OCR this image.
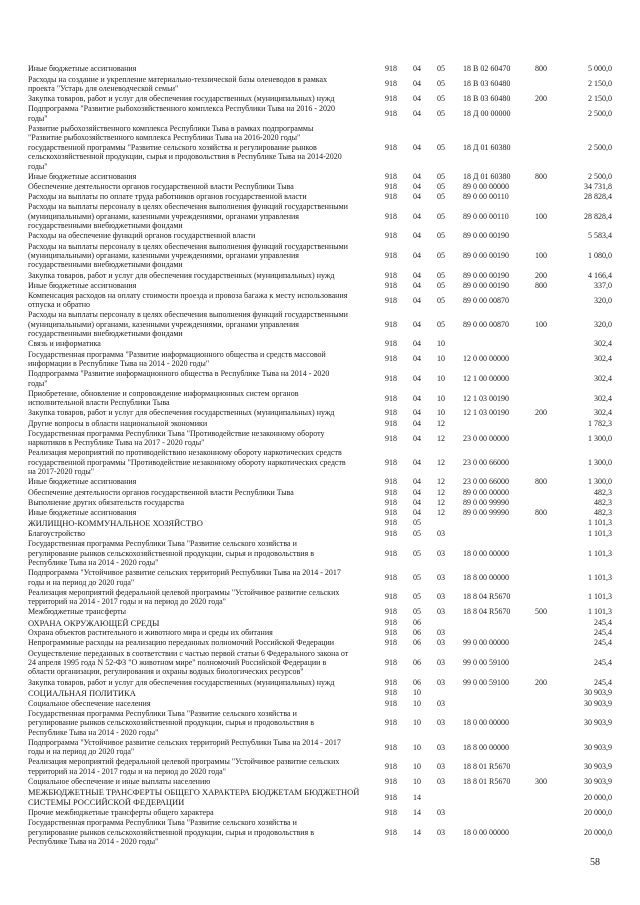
Иные бюджетные ассигнования	918	04	05	18 В 02 60470	800	5 000,0
Расходы на создание и укрепление материально-технической базы оленеводов в рамках
проекта "Устарь для оленеводческой семьи"	918	04	05	18 В 03 60480		2 150,0
Закупка товаров, работ и услуг для обеспечения государственных (муниципальных) нужд	918	04	05	18 В 03 60480	200	2 150,0
Подпрограмма "Развитие рыбохозяйственного комплекса Республики Тыва на 2016 - 2020
годы"	918	04	05	18 Д 00 00000		2 500,0
Развитие рыбохозяйственного комплекса Республики Тыва в рамках подпрограммы
"Развитие рыбохозяйственного комплекса Республики Тыва на 2016-2020 годы"
государственной программы "Развитие сельского хозяйства и регулирование рынков
сельскохозяйственной продукции, сырья и продовольствия в Республике Тыва на 2014-2020
годы"	918	04	05	18 Д 01 60380		2 500,0
Иные бюджетные ассигнования	918	04	05	18 Д 01 60380	800	2 500,0
Обеспечение деятельности органов государственной власти Республики Тыва	918	04	05	89 0 00 00000		34 731,8
Расходы на выплаты по оплате труда работников органов государственной власти	918	04	05	89 0 00 00110		28 828,4
Расходы на выплаты персоналу в целях обеспечения выполнения функций государственными
(муниципальными) органами, казенными учреждениями, органами управления
государственными внебюджетными фондами	918	04	05	89 0 00 00110	100	28 828,4
Расходы на обеспечение функций органов государственной власти	918	04	05	89 0 00 00190		5 583,4
Расходы на выплаты персоналу в целях обеспечения выполнения функций государственными
(муниципальными) органами, казенными учреждениями, органами управления
государственными внебюджетными фондами	918	04	05	89 0 00 00190	100	1 080,0
Закупка товаров, работ и услуг для обеспечения государственных (муниципальных) нужд	918	04	05	89 0 00 00190	200	4 166,4
Иные бюджетные ассигнования	918	04	05	89 0 00 00190	800	337,0
Компенсация расходов на оплату стоимости проезда и провоза багажа к месту использования
отпуска и обратно	918	04	05	89 0 00 00870		320,0
Расходы на выплаты персоналу в целях обеспечения выполнения функций государственными
(муниципальными) органами, казенными учреждениями, органами управления
государственными внебюджетными фондами	918	04	05	89 0 00 00870	100	320,0
Связь и информатика	918	04	10			302,4
Государственная программа "Развитие информационного общества и средств массовой
информации в Республике Тыва на 2014 - 2020 годы"	918	04	10	12 0 00 00000		302,4
Подпрограмма "Развитие информационного общества в Республике Тыва на 2014 - 2020
годы"	918	04	10	12 1 00 00000		302,4
Приобретение, обновление и сопровождение информационных систем органов
исполнительной власти Республики Тыва	918	04	10	12 1 03 00190		302,4
Закупка товаров, работ и услуг для обеспечения государственных (муниципальных) нужд	918	04	10	12 1 03 00190	200	302,4
Другие вопросы в области национальной экономики	918	04	12			1 782,3
Государственная программа Республики Тыва "Противодействие незаконному обороту
наркотиков в Республике Тыва на 2017 - 2020 годы"	918	04	12	23 0 00 00000		1 300,0
Реализация мероприятий по противодействию незаконному обороту наркотических средств
государственной программы "Противодействие незаконному обороту наркотических средств
на 2017-2020 годы"	918	04	12	23 0 00 66000		1 300,0
Иные бюджетные ассигнования	918	04	12	23 0 00 66000	800	1 300,0
Обеспечение деятельности органов государственной власти Республики Тыва	918	04	12	89 0 00 00000		482,3
Выполнение других обязательств государства	918	04	12	89 0 00 99990		482,3
Иные бюджетные ассигнования	918	04	12	89 0 00 99990	800	482,3
ЖИЛИЩНО-КОММУНАЛЬНОЕ ХОЗЯЙСТВО	918	05				1 101,3
Благоустройство	918	05	03			1 101,3
Государственная программа Республики Тыва "Развитие сельского хозяйства и
регулирование рынков сельскохозяйственной продукции, сырья и продовольствия в
Республике Тыва на 2014 - 2020 годы"	918	05	03	18 0 00 00000		1 101,3
Подпрограмма "Устойчивое развитие сельских территорий Республики Тыва на 2014 - 2017
годы и на период до 2020 года"	918	05	03	18 8 00 00000		1 101,3
Реализация мероприятий федеральной целевой программы "Устойчивое развитие сельских
территорий на 2014 - 2017 годы и на период до 2020 года"	918	05	03	18 8 04 R5670		1 101,3
Межбюджетные трансферты	918	05	03	18 8 04 R5670	500	1 101,3
ОХРАНА ОКРУЖАЮЩЕЙ СРЕДЫ	918	06				245,4
Охрана объектов растительного и животного мира и среды их обитания	918	06	03			245,4
Непрограммные расходы на реализацию переданных полномочий Российской Федерации	918	06	03	99 0 00 00000		245,4
Осуществление переданных в соответствии с частью первой статьи 6 Федерального закона от
24 апреля 1995 года N 52-ФЗ "О животном мире" полномочий Российской Федерации в
области организации, регулирования и охраны водных биологических ресурсов"	918	06	03	99 0 00 59100		245,4
Закупка товаров, работ и услуг для обеспечения государственных (муниципальных) нужд	918	06	03	99 0 00 59100	200	245,4
СОЦИАЛЬНАЯ ПОЛИТИКА	918	10				30 903,9
Социальное обеспечение населения	918	10	03			30 903,9
Государственная программа Республики Тыва "Развитие сельского хозяйства и
регулирование рынков сельскохозяйственной продукции, сырья и продовольствия в
Республике Тыва на 2014 - 2020 годы"	918	10	03	18 0 00 00000		30 903,9
Подпрограмма "Устойчивое развитие сельских территорий Республики Тыва на 2014 - 2017
годы и на период до 2020 года"	918	10	03	18 8 00 00000		30 903,9
Реализация мероприятий федеральной целевой программы "Устойчивое развитие сельских
территорий на 2014 - 2017 годы и на период до 2020 года"	918	10	03	18 8 01 R5670		30 903,9
Социальное обеспечение и иные выплаты населению	918	10	03	18 8 01 R5670	300	30 903,9
МЕЖБЮДЖЕТНЫЕ ТРАНСФЕРТЫ ОБЩЕГО ХАРАКТЕРА БЮДЖЕТАМ БЮДЖЕТНОЙ
СИСТЕМЫ РОССИЙСКОЙ ФЕДЕРАЦИИ	918	14				20 000,0
Прочие межбюджетные трансферты общего характера	918	14	03			20 000,0
Государственная программа Республики Тыва "Развитие сельского хозяйства и
регулирование рынков сельскохозяйственной продукции, сырья и продовольствия в
Республике Тыва на 2014 - 2020 годы"	918	14	03	18 0 00 00000		20 000,0
58
